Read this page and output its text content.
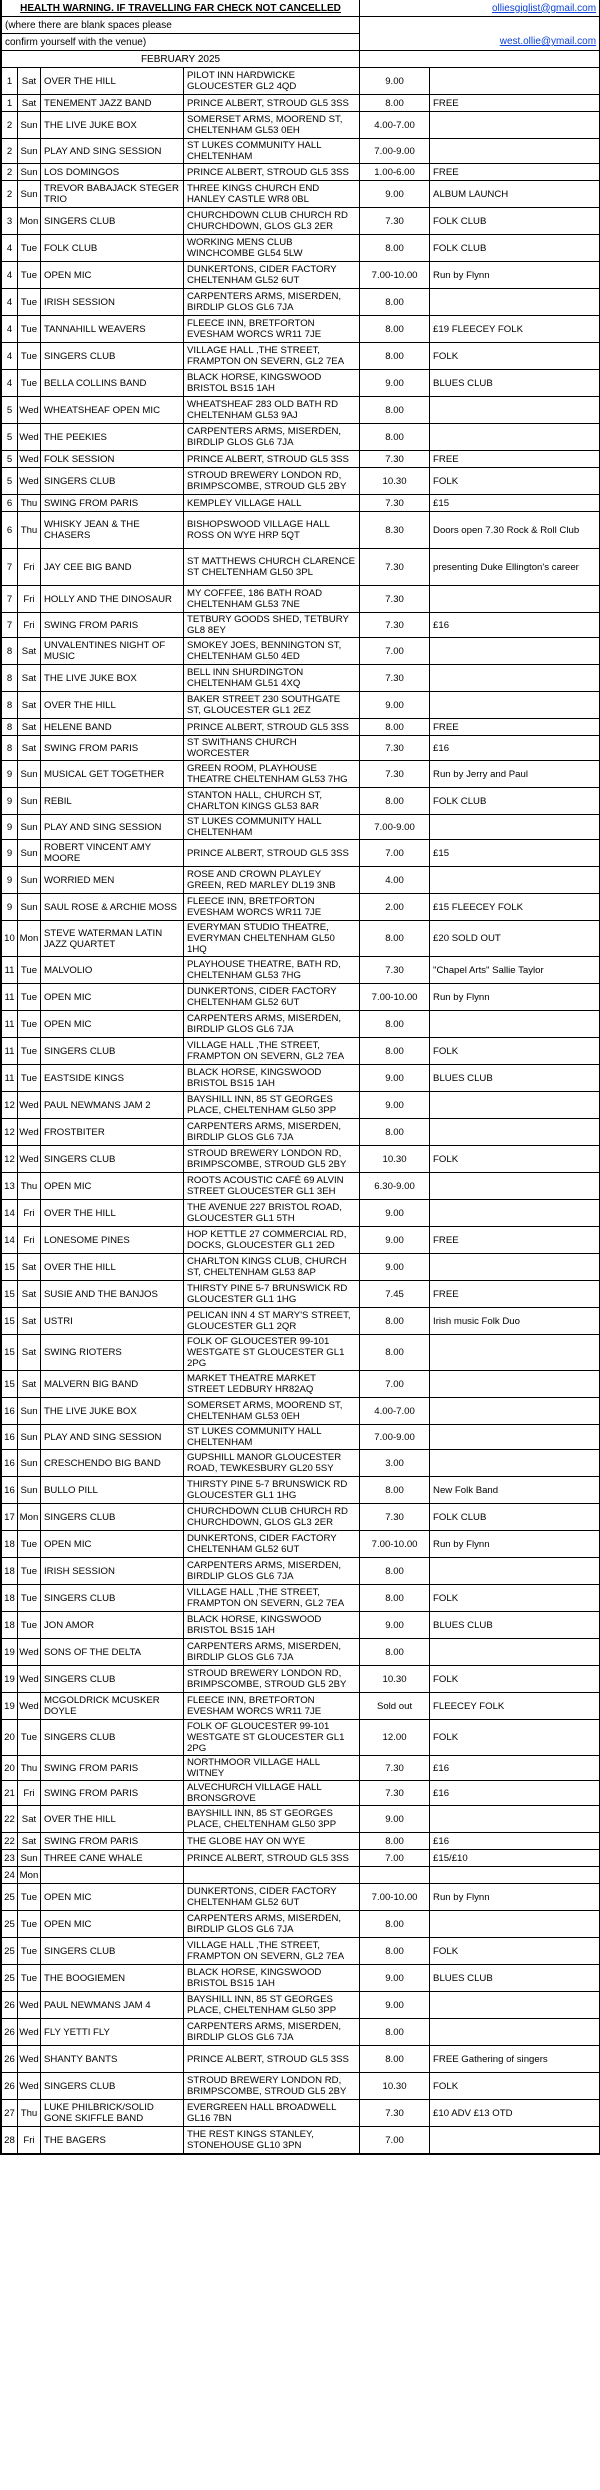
HEALTH WARNING. IF TRAVELLING FAR CHECK NOT CANCELLED				olliesgiglist@gmail.com	
(where there are blank spaces please					
confirm yourself with the venue)				west.ollie@ymail.com	
FEBRUARY 2025					
1	Sat	OVER THE HILL	PILOT INN HARDWICKE GLOUCESTER GL2 4QD	9.00	
1	Sat	TENEMENT JAZZ BAND	PRINCE ALBERT, STROUD GL5 3SS	8.00	FREE
2	Sun	THE LIVE JUKE BOX	SOMERSET ARMS, MOOREND ST, CHELTENHAM GL53 0EH	4.00-7.00	
2	Sun	PLAY AND SING SESSION	ST LUKES COMMUNITY HALL CHELTENHAM	7.00-9.00	
2	Sun	LOS DOMINGOS	PRINCE ALBERT, STROUD GL5 3SS	1.00-6.00	FREE
2	Sun	TREVOR BABAJACK STEGER TRIO	THREE KINGS CHURCH END HANLEY CASTLE WR8 0BL	9.00	ALBUM LAUNCH
3	Mon	SINGERS CLUB	CHURCHDOWN CLUB CHURCH RD CHURCHDOWN, GLOS GL3 2ER	7.30	FOLK CLUB
4	Tue	FOLK CLUB	WORKING MENS CLUB WINCHCOMBE GL54 5LW	8.00	FOLK CLUB
4	Tue	OPEN MIC	DUNKERTONS, CIDER FACTORY CHELTENHAM GL52 6UT	7.00-10.00	Run by Flynn
4	Tue	IRISH SESSION	CARPENTERS ARMS, MISERDEN, BIRDLIP GLOS GL6 7JA	8.00	
4	Tue	TANNAHILL WEAVERS	FLEECE INN, BRETFORTON EVESHAM WORCS WR11 7JE	8.00	£19 FLEECEY FOLK
4	Tue	SINGERS CLUB	VILLAGE HALL ,THE STREET, FRAMPTON ON SEVERN, GL2 7EA	8.00	FOLK
4	Tue	BELLA COLLINS BAND	BLACK HORSE, KINGSWOOD BRISTOL BS15 1AH	9.00	BLUES CLUB
5	Wed	WHEATSHEAF OPEN MIC	WHEATSHEAF 283 OLD BATH RD CHELTENHAM GL53 9AJ	8.00	
5	Wed	THE PEEKIES	CARPENTERS ARMS, MISERDEN, BIRDLIP GLOS GL6 7JA	8.00	
5	Wed	FOLK SESSION	PRINCE ALBERT, STROUD GL5 3SS	7.30	FREE
5	Wed	SINGERS CLUB	STROUD BREWERY LONDON RD, BRIMPSCOMBE, STROUD GL5 2BY	10.30	FOLK
6	Thu	SWING FROM PARIS	KEMPLEY VILLAGE HALL	7.30	£15
6	Thu	WHISKY JEAN & THE CHASERS	BISHOPSWOOD VILLAGE HALL ROSS ON WYE HRP 5QT	8.30	Doors open 7.30 Rock & Roll Club
7	Fri	JAY CEE BIG BAND	ST MATTHEWS CHURCH CLARENCE ST CHELTENHAM GL50 3PL	7.30	presenting Duke Ellington's career
7	Fri	HOLLY AND THE DINOSAUR	MY COFFEE, 186 BATH ROAD CHELTENHAM GL53 7NE	7.30	
7	Fri	SWING FROM PARIS	TETBURY GOODS SHED, TETBURY GL8 8EY	7.30	£16
8	Sat	UNVALENTINES NIGHT OF MUSIC	SMOKEY JOES, BENNINGTON ST, CHELTENHAM GL50 4ED	7.00	
8	Sat	THE LIVE JUKE BOX	BELL INN SHURDINGTON CHELTENHAM GL51 4XQ	7.30	
8	Sat	OVER THE HILL	BAKER STREET 230 SOUTHGATE ST, GLOUCESTER GL1 2EZ	9.00	
8	Sat	HELENE BAND	PRINCE ALBERT, STROUD GL5 3SS	8.00	FREE
8	Sat	SWING FROM PARIS	ST SWITHANS CHURCH WORCESTER	7.30	£16
9	Sun	MUSICAL GET TOGETHER	GREEN ROOM, PLAYHOUSE THEATRE CHELTENHAM GL53 7HG	7.30	Run by Jerry and Paul
9	Sun	REBIL	STANTON HALL, CHURCH ST, CHARLTON KINGS GL53 8AR	8.00	FOLK CLUB
9	Sun	PLAY AND SING SESSION	ST LUKES COMMUNITY HALL CHELTENHAM	7.00-9.00	
9	Sun	ROBERT VINCENT AMY MOORE	PRINCE ALBERT, STROUD GL5 3SS	7.00	£15
9	Sun	WORRIED MEN	ROSE AND CROWN PLAYLEY GREEN, RED MARLEY DL19 3NB	4.00	
9	Sun	SAUL ROSE & ARCHIE MOSS	FLEECE INN, BRETFORTON EVESHAM WORCS WR11 7JE	2.00	£15 FLEECEY FOLK
10	Mon	STEVE WATERMAN LATIN JAZZ QUARTET	EVERYMAN STUDIO THEATRE, EVERYMAN CHELTENHAM GL50 1HQ	8.00	£20 SOLD OUT
11	Tue	MALVOLIO	PLAYHOUSE THEATRE, BATH RD, CHELTENHAM GL53 7HG	7.30	"Chapel Arts" Sallie Taylor
11	Tue	OPEN MIC	DUNKERTONS, CIDER FACTORY CHELTENHAM GL52 6UT	7.00-10.00	Run by Flynn
11	Tue	OPEN MIC	CARPENTERS ARMS, MISERDEN, BIRDLIP GLOS GL6 7JA	8.00	
11	Tue	SINGERS CLUB	VILLAGE HALL ,THE STREET, FRAMPTON ON SEVERN, GL2 7EA	8.00	FOLK
11	Tue	EASTSIDE KINGS	BLACK HORSE, KINGSWOOD BRISTOL BS15 1AH	9.00	BLUES CLUB
12	Wed	PAUL NEWMANS JAM 2	BAYSHILL INN, 85 ST GEORGES PLACE, CHELTENHAM GL50 3PP	9.00	
12	Wed	FROSTBITER	CARPENTERS ARMS, MISERDEN, BIRDLIP GLOS GL6 7JA	8.00	
12	Wed	SINGERS CLUB	STROUD BREWERY LONDON RD, BRIMPSCOMBE, STROUD GL5 2BY	10.30	FOLK
13	Thu	OPEN MIC	ROOTS ACOUSTIC CAFÉ 69 ALVIN STREET GLOUCESTER GL1 3EH	6.30-9.00	
14	Fri	OVER THE HILL	THE AVENUE 227 BRISTOL ROAD, GLOUCESTER GL1 5TH	9.00	
14	Fri	LONESOME PINES	HOP KETTLE 27 COMMERCIAL RD, DOCKS, GLOUCESTER GL1 2ED	9.00	FREE
15	Sat	OVER THE HILL	CHARLTON KINGS CLUB, CHURCH ST, CHELTENHAM GL53 8AP	9.00	
15	Sat	SUSIE AND THE BANJOS	THIRSTY PINE 5-7 BRUNSWICK RD GLOUCESTER GL1 1HG	7.45	FREE
15	Sat	USTRI	PELICAN INN 4 ST MARY'S STREET, GLOUCESTER GL1 2QR	8.00	Irish music Folk Duo
15	Sat	SWING RIOTERS	FOLK OF GLOUCESTER 99-101 WESTGATE ST GLOUCESTER GL1 2PG	8.00	
15	Sat	MALVERN BIG BAND	MARKET THEATRE MARKET STREET LEDBURY HR82AQ	7.00	
16	Sun	THE LIVE JUKE BOX	SOMERSET ARMS, MOOREND ST, CHELTENHAM GL53 0EH	4.00-7.00	
16	Sun	PLAY AND SING SESSION	ST LUKES COMMUNITY HALL CHELTENHAM	7.00-9.00	
16	Sun	CRESCHENDO BIG BAND	GUPSHILL MANOR GLOUCESTER ROAD, TEWKESBURY GL20 5SY	3.00	
16	Sun	BULLO PILL	THIRSTY PINE 5-7 BRUNSWICK RD GLOUCESTER GL1 1HG	8.00	New Folk Band
17	Mon	SINGERS CLUB	CHURCHDOWN CLUB CHURCH RD CHURCHDOWN, GLOS GL3 2ER	7.30	FOLK CLUB
18	Tue	OPEN MIC	DUNKERTONS, CIDER FACTORY CHELTENHAM GL52 6UT	7.00-10.00	Run by Flynn
18	Tue	IRISH SESSION	CARPENTERS ARMS, MISERDEN, BIRDLIP GLOS GL6 7JA	8.00	
18	Tue	SINGERS CLUB	VILLAGE HALL ,THE STREET, FRAMPTON ON SEVERN, GL2 7EA	8.00	FOLK
18	Tue	JON AMOR	BLACK HORSE, KINGSWOOD BRISTOL BS15 1AH	9.00	BLUES CLUB
19	Wed	SONS OF THE DELTA	CARPENTERS ARMS, MISERDEN, BIRDLIP GLOS GL6 7JA	8.00	
19	Wed	SINGERS CLUB	STROUD BREWERY LONDON RD, BRIMPSCOMBE, STROUD GL5 2BY	10.30	FOLK
19	Wed	MCGOLDRICK MCUSKER DOYLE	FLEECE INN, BRETFORTON EVESHAM WORCS WR11 7JE	Sold out	FLEECEY FOLK
20	Tue	SINGERS CLUB	FOLK OF GLOUCESTER 99-101 WESTGATE ST GLOUCESTER GL1 2PG	12.00	FOLK
20	Thu	SWING FROM PARIS	NORTHMOOR VILLAGE HALL WITNEY	7.30	£16
21	Fri	SWING FROM PARIS	ALVECHURCH VILLAGE HALL BRONSGROVE	7.30	£16
22	Sat	OVER THE HILL	BAYSHILL INN, 85 ST GEORGES PLACE, CHELTENHAM GL50 3PP	9.00	
22	Sat	SWING FROM PARIS	THE GLOBE HAY ON WYE	8.00	£16
23	Sun	THREE CANE WHALE	PRINCE ALBERT, STROUD GL5 3SS	7.00	£15/£10
24	Mon				
25	Tue	OPEN MIC	DUNKERTONS, CIDER FACTORY CHELTENHAM GL52 6UT	7.00-10.00	Run by Flynn
25	Tue	OPEN MIC	CARPENTERS ARMS, MISERDEN, BIRDLIP GLOS GL6 7JA	8.00	
25	Tue	SINGERS CLUB	VILLAGE HALL ,THE STREET, FRAMPTON ON SEVERN, GL2 7EA	8.00	FOLK
25	Tue	THE BOOGIEMEN	BLACK HORSE, KINGSWOOD BRISTOL BS15 1AH	9.00	BLUES CLUB
26	Wed	PAUL NEWMANS JAM 4	BAYSHILL INN, 85 ST GEORGES PLACE, CHELTENHAM GL50 3PP	9.00	
26	Wed	FLY YETTI FLY	CARPENTERS ARMS, MISERDEN, BIRDLIP GLOS GL6 7JA	8.00	
26	Wed	SHANTY BANTS	PRINCE ALBERT, STROUD GL5 3SS	8.00	FREE Gathering of singers
26	Wed	SINGERS CLUB	STROUD BREWERY LONDON RD, BRIMPSCOMBE, STROUD GL5 2BY	10.30	FOLK
27	Thu	LUKE PHILBRICK/SOLID GONE SKIFFLE BAND	EVERGREEN HALL BROADWELL GL16 7BN	7.30	£10 ADV £13 OTD
28	Fri	THE BAGERS	THE REST KINGS STANLEY, STONEHOUSE GL10 3PN	7.00	
